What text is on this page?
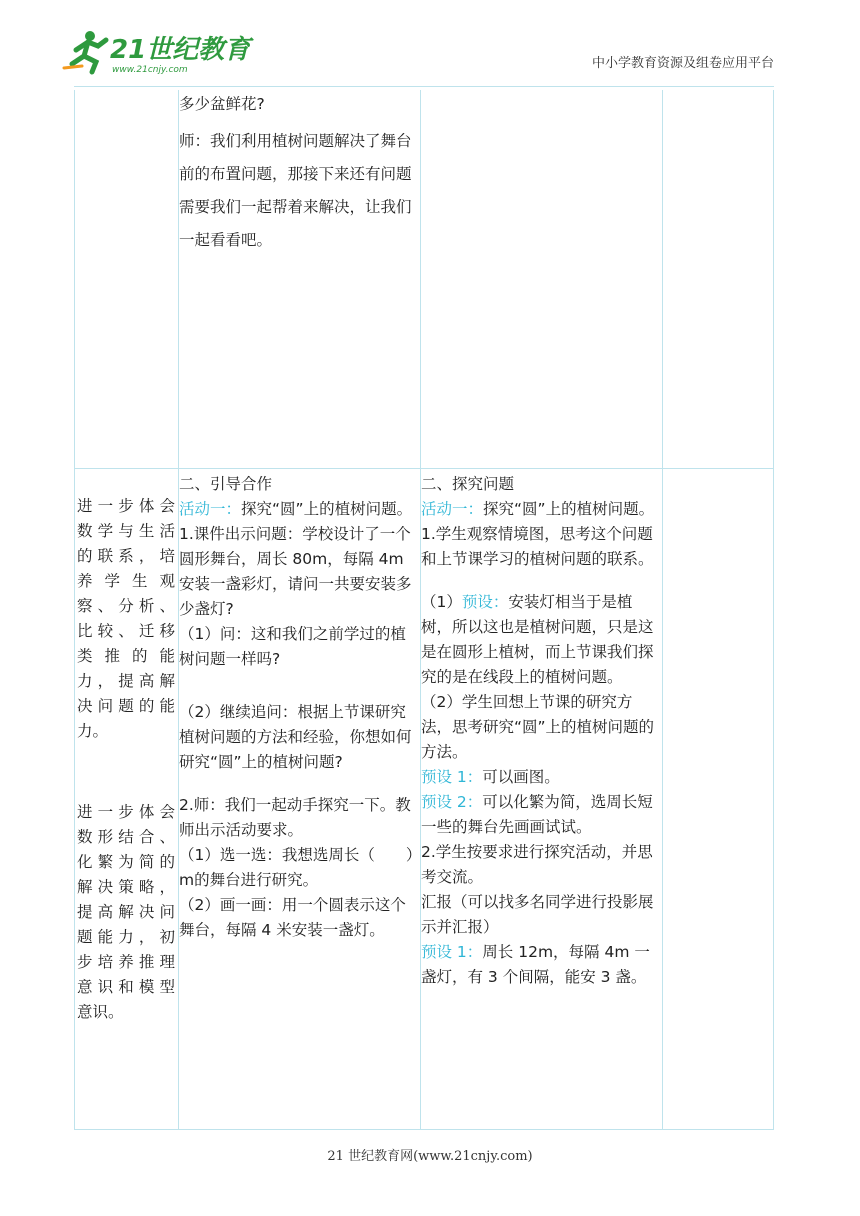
21世纪教育
www.21cnjy.com	中小学教育资源及组卷应用平台

多少盆鲜花?

师：我们利用植树问题解决了舞台前的布置问题，那接下来还有问题需要我们一起帮着来解决，让我们一起看看吧。

进一步体会

数学与生活

的联系，培

养学生观

察、分析、

比较、迁移

类推的能

力，提高解

决问题的能

力。

进一步体会

数形结合、

化繁为简的

解决策略，

提高解决问

题能力，初

步培养推理

意识和模型

意识。

二、引导合作

活动一：探究“圆”上的植树问题。

1.课件出示问题：学校设计了一个圆形舞台，周长 80m，每隔 4m 安装一盏彩灯，请问一共要安装多少盏灯?

（1）问：这和我们之前学过的植树问题一样吗?

（2）继续追问：根据上节课研究植树问题的方法和经验，你想如何研究“圆”上的植树问题?

2.师：我们一起动手探究一下。教师出示活动要求。

（1）选一选：我想选周长（　　）m的舞台进行研究。

（2）画一画：用一个圆表示这个舞台，每隔 4 米安装一盏灯。

二、探究问题

活动一：探究“圆”上的植树问题。

1.学生观察情境图，思考这个问题和上节课学习的植树问题的联系。

（1）预设：安装灯相当于是植树，所以这也是植树问题，只是这是在圆形上植树，而上节课我们探究的是在线段上的植树问题。

（2）学生回想上节课的研究方法，思考研究“圆”上的植树问题的方法。

预设 1：可以画图。

预设 2：可以化繁为简，选周长短一些的舞台先画画试试。

2.学生按要求进行探究活动，并思考交流。

汇报（可以找多名同学进行投影展示并汇报）

预设 1：周长 12m，每隔 4m 一盏灯，有 3 个间隔，能安 3 盏。

21 世纪教育网(www.21cnjy.com)
